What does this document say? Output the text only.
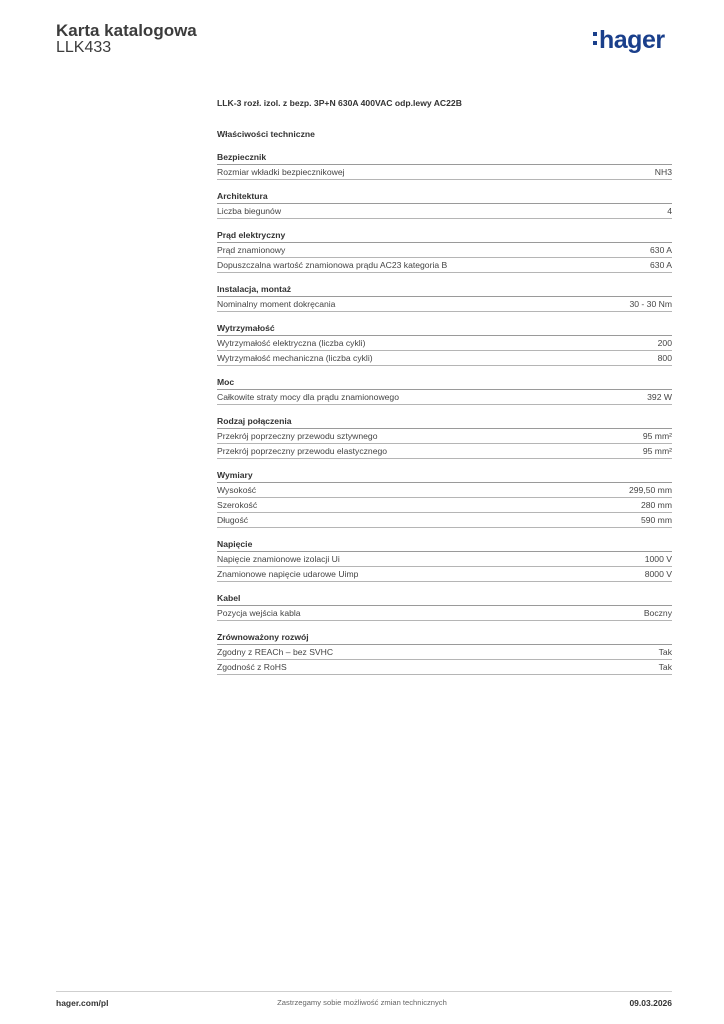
Karta katalogowa
LLK433	hager
LLK-3 rozł. izol. z bezp. 3P+N 630A 400VAC odp.lewy AC22B
Właściwości techniczne
Bezpiecznik
Rozmiar wkładki bezpiecznikowej	NH3
Architektura
Liczba biegunów	4
Prąd elektryczny
Prąd znamionowy	630 A
Dopuszczalna wartość znamionowa prądu AC23 kategoria B	630 A
Instalacja, montaż
Nominalny moment dokręcania	30 - 30 Nm
Wytrzymałość
Wytrzymałość elektryczna (liczba cykli)	200
Wytrzymałość mechaniczna (liczba cykli)	800
Moc
Całkowite straty mocy dla prądu znamionowego	392 W
Rodzaj połączenia
Przekrój poprzeczny przewodu sztywnego	95 mm²
Przekrój poprzeczny przewodu elastycznego	95 mm²
Wymiary
Wysokość	299,50 mm
Szerokość	280 mm
Długość	590 mm
Napięcie
Napięcie znamionowe izolacji Ui	1000 V
Znamionowe napięcie udarowe Uimp	8000 V
Kabel
Pozycja wejścia kabla	Boczny
Zrównoważony rozwój
Zgodny z REACh – bez SVHC	Tak
Zgodność z RoHS	Tak
hager.com/pl	Zastrzegamy sobie możliwość zmian technicznych	09.03.2026
